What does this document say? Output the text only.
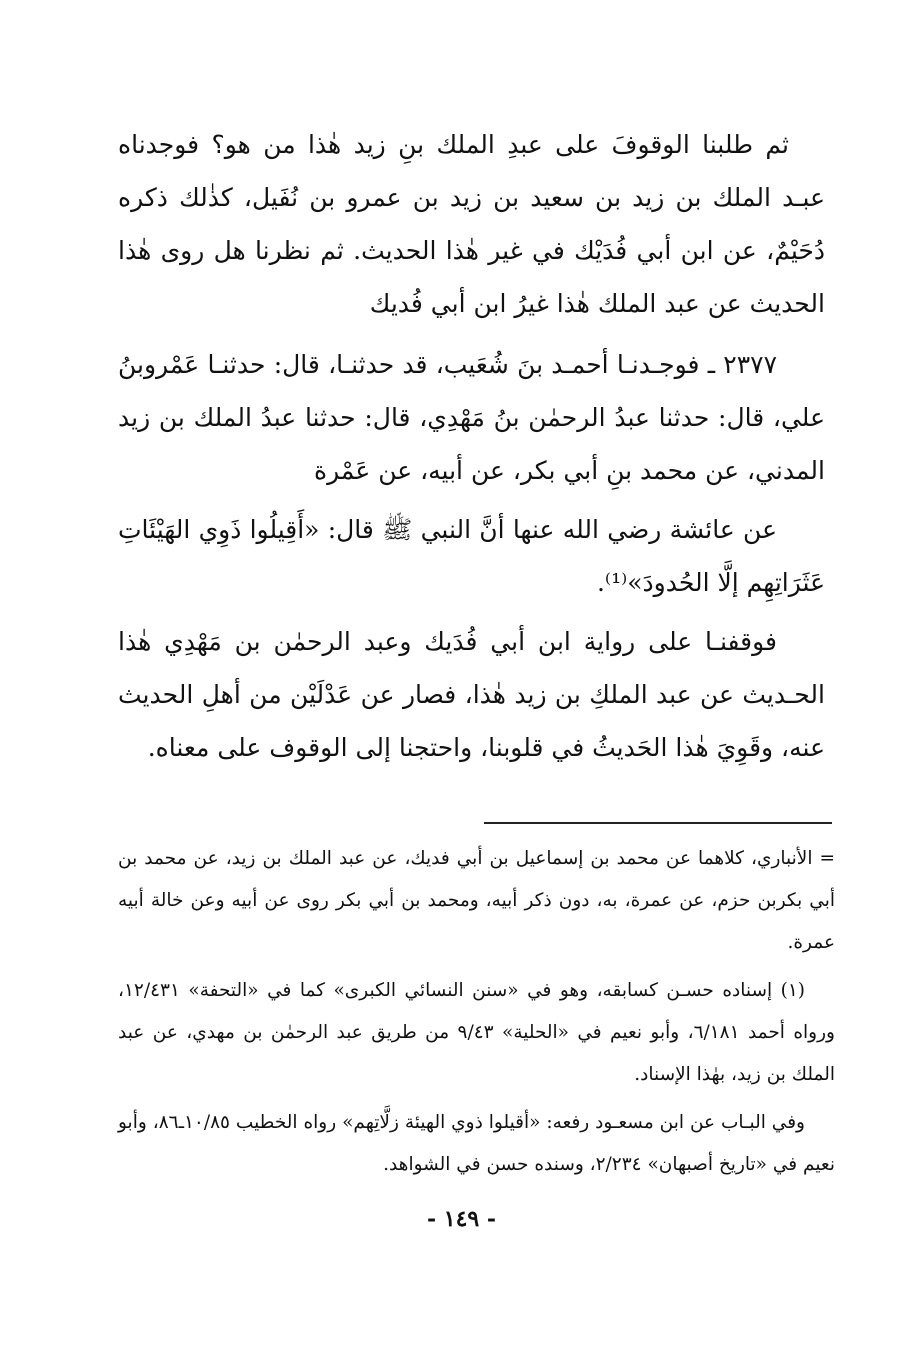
ثم طلبنا الوقوفَ على عبدِ الملك بنِ زيد هٰذا من هو؟ فوجدناه عبـد الملك بن زيد بن سعيد بن زيد بن عمرو بن نُفَيل، كذٰلك ذكره دُحَيْمٌ، عن ابن أبي فُدَيْك في غير هٰذا الحديث. ثم نظرنا هل روى هٰذا الحديث عن عبد الملك هٰذا غيرُ ابن أبي فُديك

٢٣٧٧ ـ فوجـدنـا أحمـد بنَ شُعَيب، قد حدثنـا، قال: حدثنـا عَمْروبنُ علي، قال: حدثنا عبدُ الرحمٰن بنُ مَهْدِي، قال: حدثنا عبدُ الملك بن زيد المدني، عن محمد بنِ أبي بكر، عن أبيه، عن عَمْرة

عن عائشة رضي الله عنها أنَّ النبي ﷺ قال: «أَقِيلُوا ذَوِي الهَيْئَاتِ عَثَرَاتِهِم إلَّا الحُدودَ»⁽¹⁾.

فوقفنـا على رواية ابن أبي فُدَيك وعبد الرحمٰن بن مَهْدِي هٰذا الحـديث عن عبد الملكِ بن زيد هٰذا، فصار عن عَدْلَيْن من أهلِ الحديث عنه، وقَوِيَ هٰذا الحَديثُ في قلوبنا، واحتجنا إلى الوقوف على معناه.

= الأنباري، كلاهما عن محمد بن إسماعيل بن أبي فديك، عن عبد الملك بن زيد، عن محمد بن أبي بكربن حزم، عن عمرة، به، دون ذكر أبيه، ومحمد بن أبي بكر روى عن أبيه وعن خالة أبيه عمرة.

(١) إسناده حسـن كسابقه، وهو في «سنن النسائي الكبرى» كما في «التحفة» ١٢/٤٣١، ورواه أحمد ٦/١٨١، وأبو نعيم في «الحلية» ٩/٤٣ من طريق عبد الرحمٰن بن مهدي، عن عبد الملك بن زيد، بهٰذا الإسناد.

وفي البـاب عن ابن مسعـود رفعه: «أقيلوا ذوي الهيئة زلَّاتِهم» رواه الخطيب ١٠/٨٥ـ٨٦، وأبو نعيم في «تاريخ أصبهان» ٢/٢٣٤، وسنده حسن في الشواهد.

- ١٤٩ -
